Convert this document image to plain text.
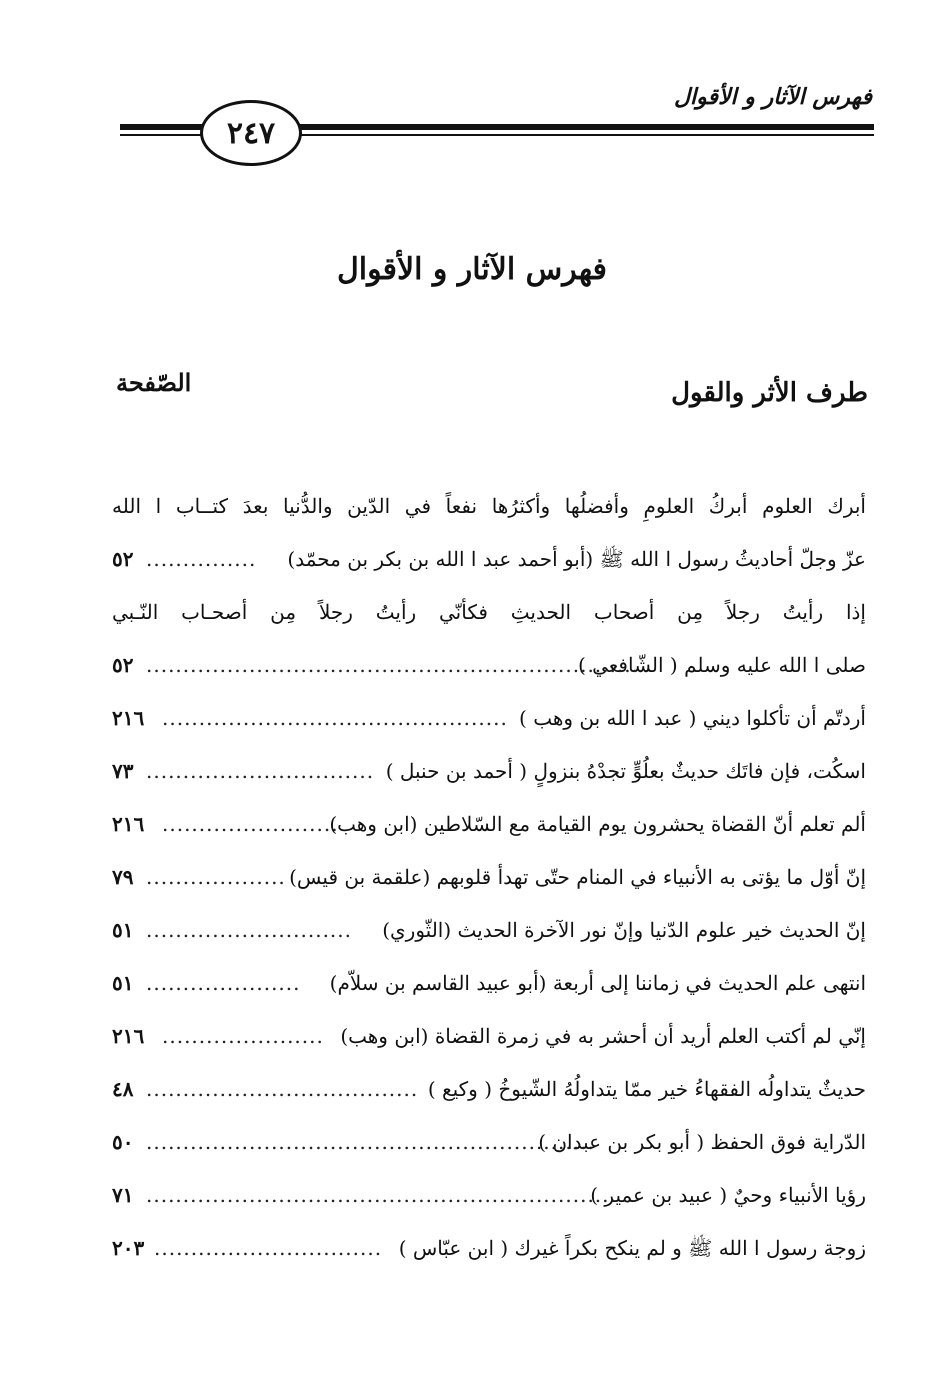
فهرس الآثار و الأقوال
٢٤٧
فهرس الآثار و الأقوال
طرف الأثر والقول
الصّفحة
أبرك العلوم أبركُ العلومِ وأفضلُها وأكثرُها نفعاً في الدّين والدُّنيا بعدَ كتــاب ا الله
عزّ وجلّ أحاديثُ رسول ا الله ﷺ (أبو أحمد عبد ا الله بن بكر بن محمّد)
...............
٥٢
إذا رأيتُ رجلاً مِن أصحاب الحديثِ فكأنّي رأيتُ رجلاً مِن أصحـاب النّـبي
صلى ا الله عليه وسلم ( الشّافعي )
...................................................................
٥٢
أردتّم أن تأكلوا ديني ( عبد ا الله بن وهب )
...............................................
٢١٦
اسكُت، فإن فاتَك حديثٌ بعلُوٍّ تجدْهُ بنزولٍ ( أحمد بن حنبل )
...............................
٧٣
ألم تعلم أنّ القضاة يحشرون يوم القيامة مع السّلاطين (ابن وهب)
........................
٢١٦
إنّ أوّل ما يؤتى به الأنبياء في المنام حتّى تهدأ قلوبهم (علقمة بن قيس)
...................
٧٩
إنّ الحديث خير علوم الدّنيا وإنّ نور الآخرة الحديث (الثّوري)
............................
٥١
انتهى علم الحديث في زماننا إلى أربعة (أبو عبيد القاسم بن سلاّم)
.....................
٥١
إنّي لم أكتب العلم أريد أن أحشر به في زمرة القضاة (ابن وهب)
......................
٢١٦
حديثٌ يتداولُه الفقهاءُ خير ممّا يتداولُهُ الشّيوخُ ( وكيع )
.....................................
٤٨
الدّراية فوق الحفظ ( أبو بكر بن عبدان )
.............................................................
٥٠
رؤيا الأنبياء وحيٌ ( عبيد بن عمير )
................................................................
٧١
زوجة رسول ا الله ﷺ و لم ينكح بكراً غيرك ( ابن عبّاس )
...............................
٢٠٣
